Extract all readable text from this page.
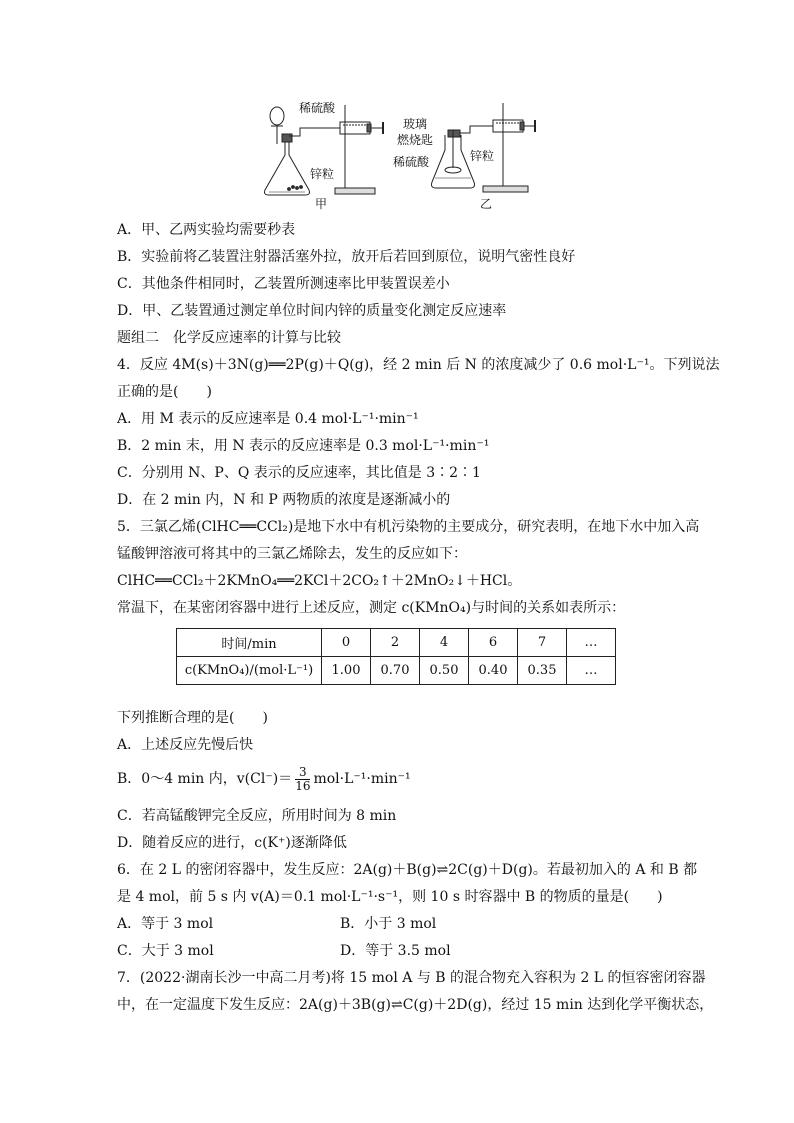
稀硫酸
锌粒
甲
玻璃
燃烧匙
稀硫酸	锌粒
乙
A．甲、乙两实验均需要秒表
B．实验前将乙装置注射器活塞外拉，放开后若回到原位，说明气密性良好
C．其他条件相同时，乙装置所测速率比甲装置误差小
D．甲、乙装置通过测定单位时间内锌的质量变化测定反应速率
题组二　化学反应速率的计算与比较
4．反应 4M(s)＋3N(g)══2P(g)＋Q(g)，经 2 min 后 N 的浓度减少了 0.6 mol·L⁻¹。下列说法
正确的是(　　)
A．用 M 表示的反应速率是 0.4 mol·L⁻¹·min⁻¹
B．2 min 末，用 N 表示的反应速率是 0.3 mol·L⁻¹·min⁻¹
C．分别用 N、P、Q 表示的反应速率，其比值是 3∶2∶1
D．在 2 min 内，N 和 P 两物质的浓度是逐渐减小的
5．三氯乙烯(ClHC══CCl₂)是地下水中有机污染物的主要成分，研究表明，在地下水中加入高
锰酸钾溶液可将其中的三氯乙烯除去，发生的反应如下：
ClHC══CCl₂＋2KMnO₄══2KCl＋2CO₂↑＋2MnO₂↓＋HCl。
常温下，在某密闭容器中进行上述反应，测定 c(KMnO₄)与时间的关系如表所示：
时间/min	0	2	4	6	7	…
c(KMnO₄)/(mol·L⁻¹)	1.00	0.70	0.50	0.40	0.35	…
下列推断合理的是(　　)
A．上述反应先慢后快
B．0～4 min 内，$v(Cl^-)= \frac{3}{16} mol\cdot L^{-1}\cdot\min^{-1}$
C．若高锰酸钾完全反应，所用时间为 8 min
D．随着反应的进行，c(K⁺)逐渐降低
6．在 2 L 的密闭容器中，发生反应：2A(g)＋B(g)⇌2C(g)＋D(g)。若最初加入的 A 和 B 都
是 4 mol，前 5 s 内 v(A)＝0.1 mol·L⁻¹·s⁻¹，则 10 s 时容器中 B 的物质的量是(　　)
A．等于 3 mol	B．小于 3 mol
C．大于 3 mol	D．等于 3.5 mol
7．(2022·湖南长沙一中高二月考)将 15 mol A 与 B 的混合物充入容积为 2 L 的恒容密闭容器
中，在一定温度下发生反应：2A(g)＋3B(g)⇌C(g)＋2D(g)，经过 15 min 达到化学平衡状态，
